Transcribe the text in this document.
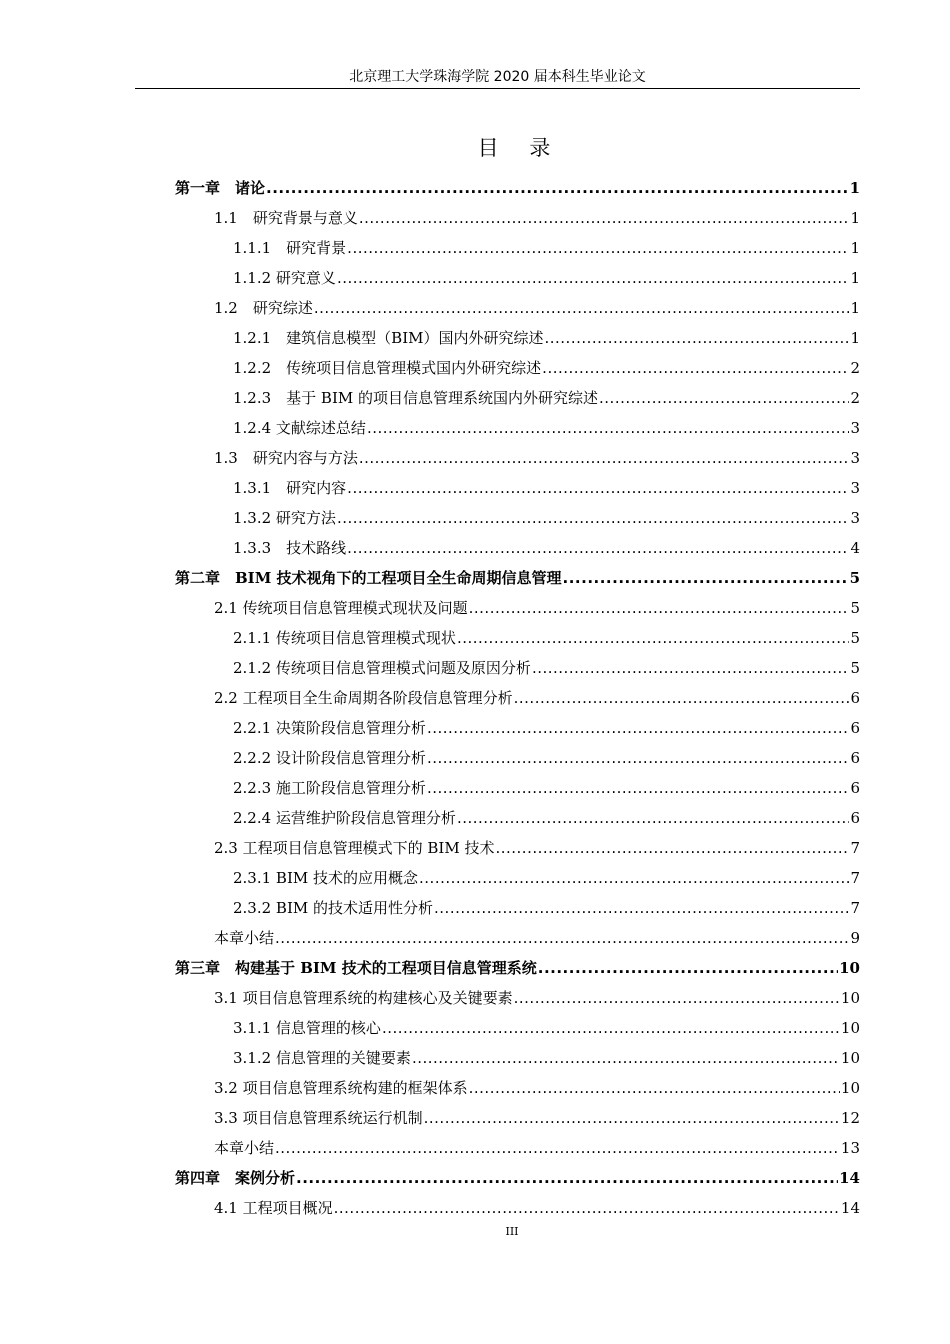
北京理工大学珠海学院 2020 届本科生毕业论文
目 录
第一章　诸论 .....	1
1.1　研究背景与意义 .....	1
1.1.1　研究背景 .....	1
1.1.2 研究意义 .....	1
1.2　研究综述 .....	1
1.2.1　建筑信息模型（BIM）国内外研究综述 .....	1
1.2.2　传统项目信息管理模式国内外研究综述 .....	2
1.2.3　基于 BIM 的项目信息管理系统国内外研究综述 .....	2
1.2.4 文献综述总结 .....	3
1.3　研究内容与方法 .....	3
1.3.1　研究内容 .....	3
1.3.2 研究方法 .....	3
1.3.3　技术路线 .....	4
第二章　BIM 技术视角下的工程项目全生命周期信息管理 .....	5
2.1 传统项目信息管理模式现状及问题 .....	5
2.1.1 传统项目信息管理模式现状 .....	5
2.1.2 传统项目信息管理模式问题及原因分析 .....	5
2.2 工程项目全生命周期各阶段信息管理分析 .....	6
2.2.1 决策阶段信息管理分析 .....	6
2.2.2 设计阶段信息管理分析 .....	6
2.2.3 施工阶段信息管理分析 .....	6
2.2.4 运营维护阶段信息管理分析 .....	6
2.3 工程项目信息管理模式下的 BIM 技术 .....	7
2.3.1 BIM 技术的应用概念 .....	7
2.3.2 BIM 的技术适用性分析 .....	7
本章小结 .....	9
第三章　构建基于 BIM 技术的工程项目信息管理系统 .....	10
3.1 项目信息管理系统的构建核心及关键要素 .....	10
3.1.1 信息管理的核心 .....	10
3.1.2 信息管理的关键要素 .....	10
3.2 项目信息管理系统构建的框架体系 .....	10
3.3 项目信息管理系统运行机制 .....	12
本章小结 .....	13
第四章　案例分析 .....	14
4.1 工程项目概况 .....	14
III
